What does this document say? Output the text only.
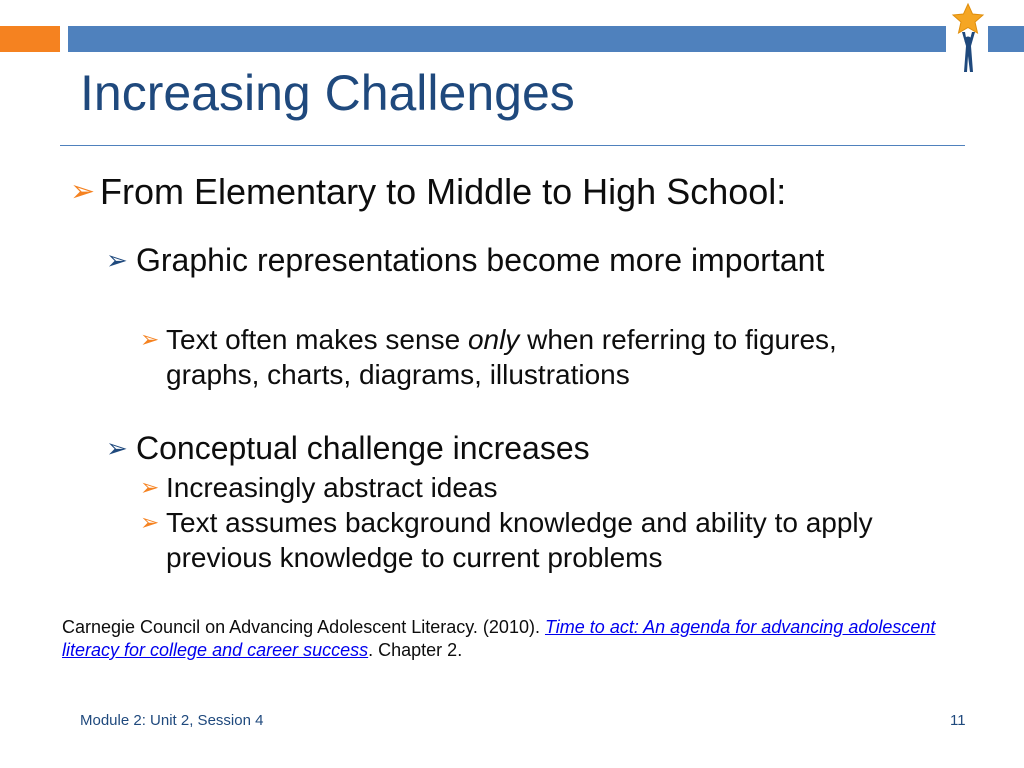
Increasing Challenges
➢ From Elementary to Middle to High School:
➢ Graphic representations become more important
➢ Text often makes sense only when referring to figures, graphs, charts, diagrams, illustrations
➢ Conceptual challenge increases
➢ Increasingly abstract ideas
➢ Text assumes background knowledge and ability to apply previous knowledge to current problems
Carnegie Council on Advancing Adolescent Literacy. (2010). Time to act: An agenda for advancing adolescent literacy for college and career success. Chapter 2.
Module 2: Unit 2, Session 4	11
